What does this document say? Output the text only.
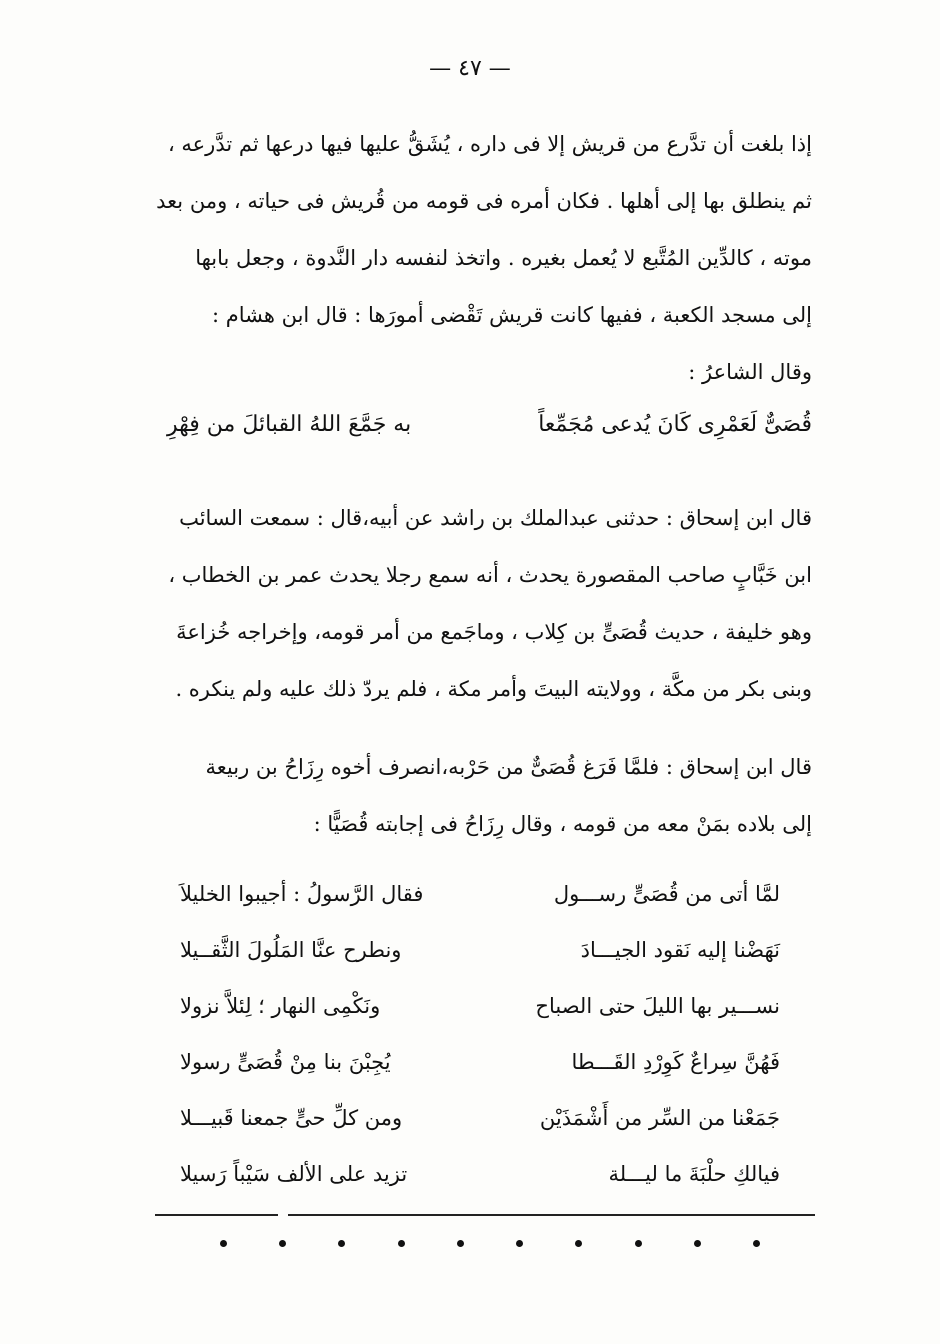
— ٤٧ —
إذا بلغت أن تدَّرع من قريش إلا فى داره ، يُشَقُّ عليها فيها درعها ثم تدَّرعه ،
ثم ينطلق بها إلى أهلها . فكان أمره فى قومه من قُريش فى حياته ، ومن بعد
موته ، كالدِّين المُتَّبع لا يُعمل بغيره . واتخذ لنفسه دار النَّدوة ، وجعل بابها
إلى مسجد الكعبة ، ففيها كانت قريش تَقْضى أمورَها : قال ابن هشام :
وقال الشاعرُ :
قُصَىٌّ لَعَمْرِى كَانَ يُدعى مُجَمِّعاً
به جَمَّعَ اللهُ القبائلَ من فِهْرِ
قال ابن إسحاق : حدثنى عبدالملك بن راشد عن أبيه،قال : سمعت السائب
ابن خَبَّابٍ صاحب المقصورة يحدث ، أنه سمع رجلا يحدث عمر بن الخطاب ،
وهو خليفة ، حديث قُصَىٍّ بن كِلاب ، وماجَمع من أمر قومه، وإخراجه خُزاعةَ
وبنى بكر من مكَّة ، وولايته البيتَ وأمر مكة ، فلم يردّ ذلك عليه ولم ينكره .
قال ابن إسحاق : فلمَّا فَرَغ قُصَىٌّ من حَرْبه،انصرف أخوه رِزَاحُ بن ربيعة
إلى بلاده بمَنْ معه من قومه ، وقال رِزَاحُ فى إجابته قُصَيًّا :
لمَّا أتى من قُصَىٍّ رســـول
فقال الرَّسولُ : أجيبوا الخليلاَ
نَهَضْنا إليه نَقود الجيـــادَ
ونطرح عنَّا المَلُولَ الثَّقــيلا
نســـير بها الليلَ حتى الصباح
ونَكْمِى النهار ؛ لِئلاَّ نزولا
فَهُنَّ سِراعٌ كَوِرْدِ القَـــطا
يُجِبْنَ بنا مِنْ قُصَىٍّ رسولا
جَمَعْنا من السِّر من أَشْمَذَيْن
ومن كلِّ حىٍّ جمعنا قَبيـــلا
فيالكِ حلْبَةَ ما ليـــلة
تزيد على الألف سَيْباً رَسيلا
